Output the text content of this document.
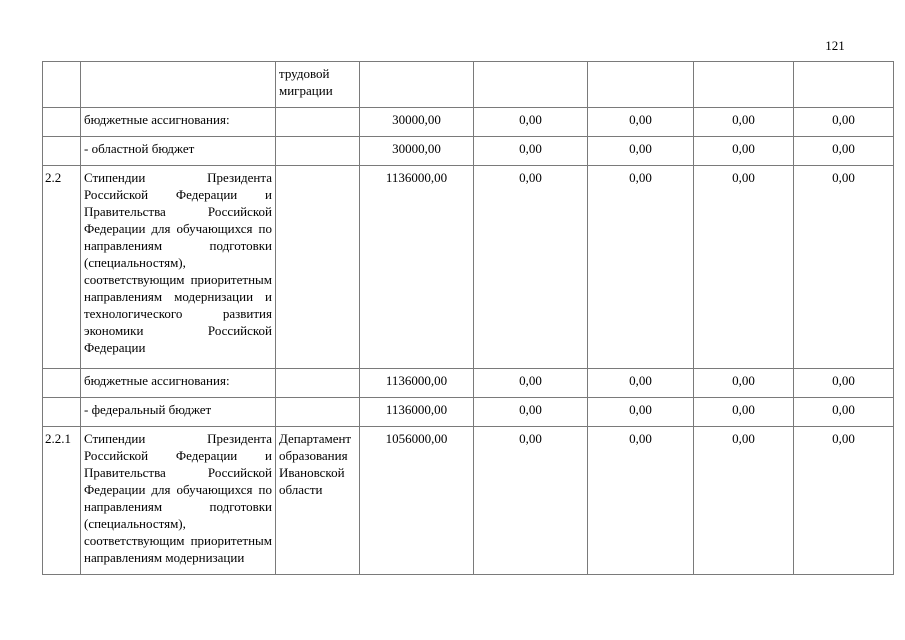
121
		трудовой миграции					
	бюджетные ассигнования:		30000,00	0,00	0,00	0,00	0,00
	- областной бюджет		30000,00	0,00	0,00	0,00	0,00
2.2	Стипендии Президента Российской Федерации и Правительства Российской Федерации для обучающихся по направлениям подготовки (специальностям), соответствующим приоритетным направлениям модернизации и технологического развития экономики Российской Федерации		1136000,00	0,00	0,00	0,00	0,00
	бюджетные ассигнования:		1136000,00	0,00	0,00	0,00	0,00
	- федеральный бюджет		1136000,00	0,00	0,00	0,00	0,00
2.2.1	Стипендии Президента Российской Федерации и Правительства Российской Федерации для обучающихся по направлениям подготовки (специальностям), соответствующим приоритетным направлениям модернизации	Департамент образования Ивановской области	1056000,00	0,00	0,00	0,00	0,00
